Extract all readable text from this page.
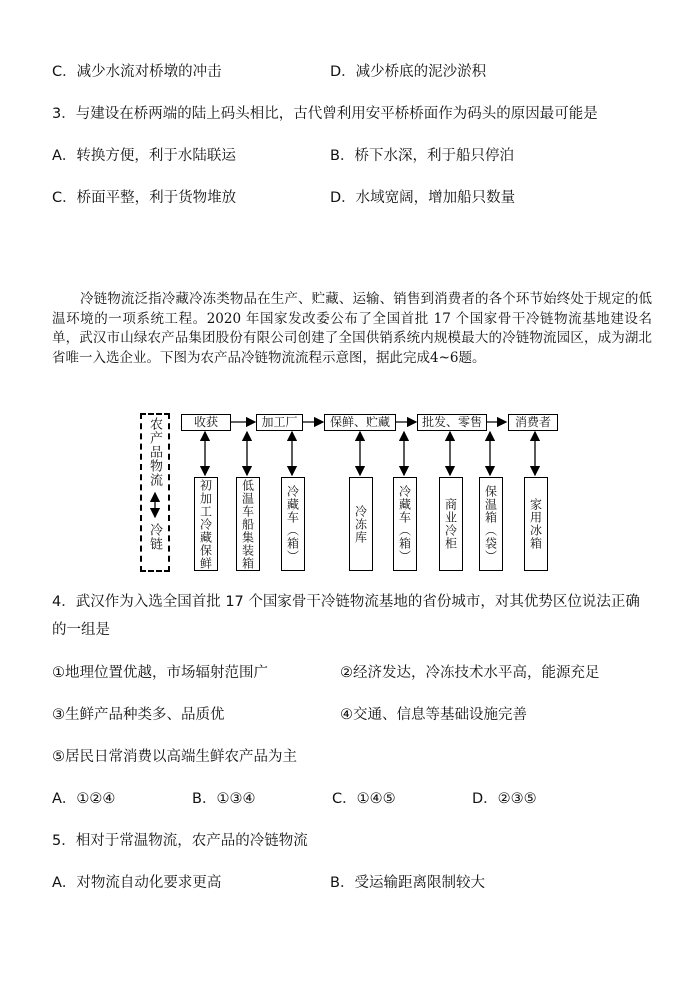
C．减少水流对桥墩的冲击	D．减少桥底的泥沙淤积
3．与建设在桥两端的陆上码头相比，古代曾利用安平桥桥面作为码头的原因最可能是
A．转换方便，利于水陆联运	B．桥下水深，利于船只停泊
C．桥面平整，利于货物堆放	D．水域宽阔，增加船只数量

冷链物流泛指冷藏冷冻类物品在生产、贮藏、运输、销售到消费者的各个环节始终处于规定的低温环境的一项系统工程。2020 年国家发改委公布了全国首批 17 个国家骨干冷链物流基地建设名单，武汉市山绿农产品集团股份有限公司创建了全国供销系统内规模最大的冷链物流园区，成为湖北省唯一入选企业。下图为农产品冷链物流流程示意图，据此完成4~6题。

农产品物流
冷链
收获	加工厂	保鲜、贮藏	批发、零售	消费者
初加工冷藏保鲜	低温车船集装箱	冷藏车（箱）	冷冻库	冷藏车（箱）	商业冷柜	保温箱（袋）	家用冰箱
4．武汉作为入选全国首批 17 个国家骨干冷链物流基地的省份城市，对其优势区位说法正确
的一组是
①地理位置优越，市场辐射范围广	②经济发达，冷冻技术水平高，能源充足
③生鲜产品种类多、品质优	④交通、信息等基础设施完善
⑤居民日常消费以高端生鲜农产品为主
A．①②④	B．①③④	C．①④⑤	D．②③⑤
5．相对于常温物流，农产品的冷链物流
A．对物流自动化要求更高	B．受运输距离限制较大
